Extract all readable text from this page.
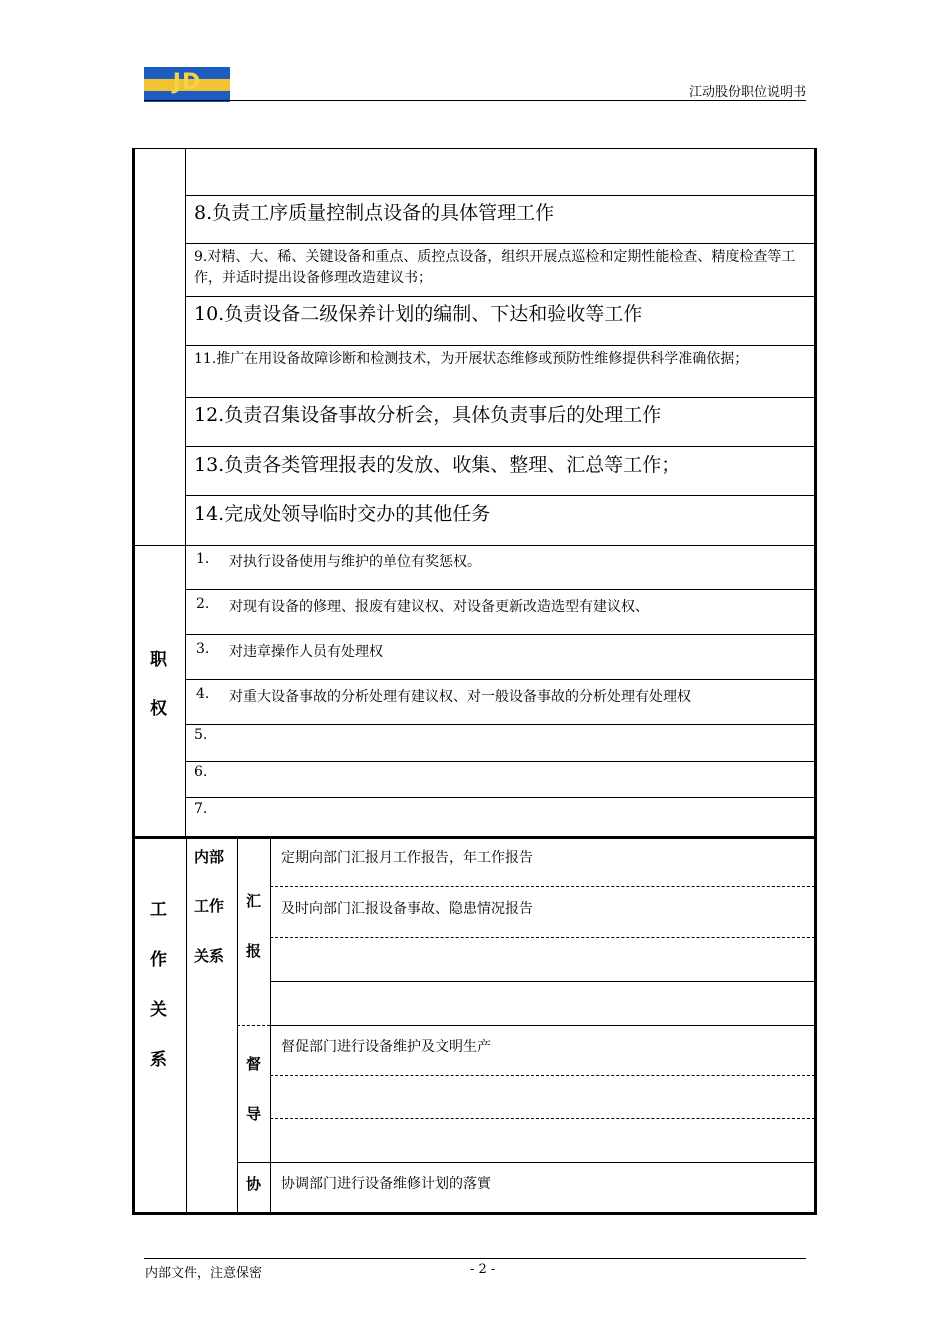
JD	江动股份职位说明书
8.负责工序质量控制点设备的具体管理工作
9.对精、大、稀、关键设备和重点、质控点设备，组织开展点巡检和定期性能检查、精度检查等工作，并适时提出设备修理改造建议书；
10.负责设备二级保养计划的编制、下达和验收等工作
11.推广在用设备故障诊断和检测技术，为开展状态维修或预防性维修提供科学准确依据；
12.负责召集设备事故分析会，具体负责事后的处理工作
13.负责各类管理报表的发放、收集、整理、汇总等工作；
14.完成处领导临时交办的其他任务
职
权
1. 对执行设备使用与维护的单位有奖惩权。
2. 对现有设备的修理、报废有建议权、对设备更新改造选型有建议权、
3. 对违章操作人员有处理权
4. 对重大设备事故的分析处理有建议权、对一般设备事故的分析处理有处理权
5.
6.
7.
工
作
关
系
内部
工作
关系
汇
报
督
导
协
定期向部门汇报月工作报告，年工作报告
及时向部门汇报设备事故、隐患情况报告
督促部门进行设备维护及文明生产
协调部门进行设备维修计划的落實
内部文件，注意保密	- 2 -
